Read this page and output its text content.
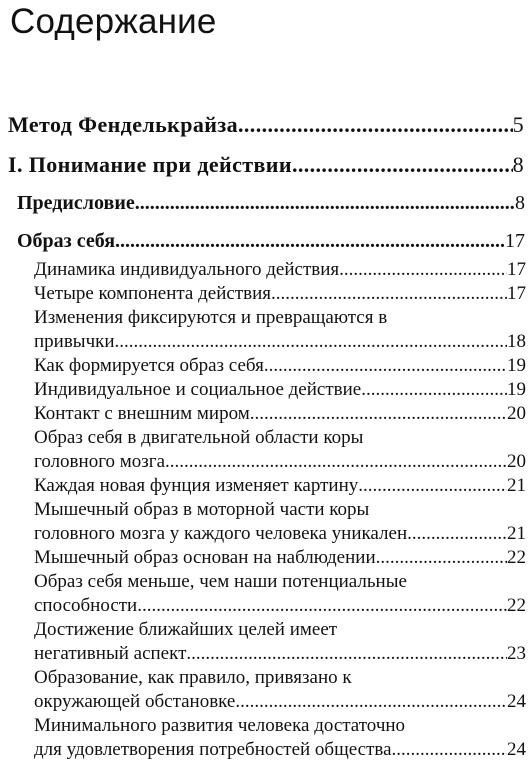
Содержание
Метод Фенделькрайза .....	5
I. Понимание при действии .....	8
Предисловие .....	8
Образ себя .....	17
Динамика индивидуального действия .....	17
Четыре компонента действия .....	17
Изменения фиксируются и превращаются в
привычки .....	18
Как формируется образ себя .....	19
Индивидуальное и социальное действие .....	19
Контакт с внешним миром .....	20
Образ себя в двигательной области коры
головного мозга .....	20
Каждая новая фунция изменяет картину .....	21
Мышечный образ в моторной части коры
головного мозга у каждого человека уникален .....	21
Мышечный образ основан на наблюдении .....	22
Образ себя меньше, чем наши потенциальные
способности .....	22
Достижение ближайших целей имеет
негативный аспект .....	23
Образование, как правило, привязано к
окружающей обстановке .....	24
Минимального развития человека достаточно
для удовлетворения потребностей общества .....	24
